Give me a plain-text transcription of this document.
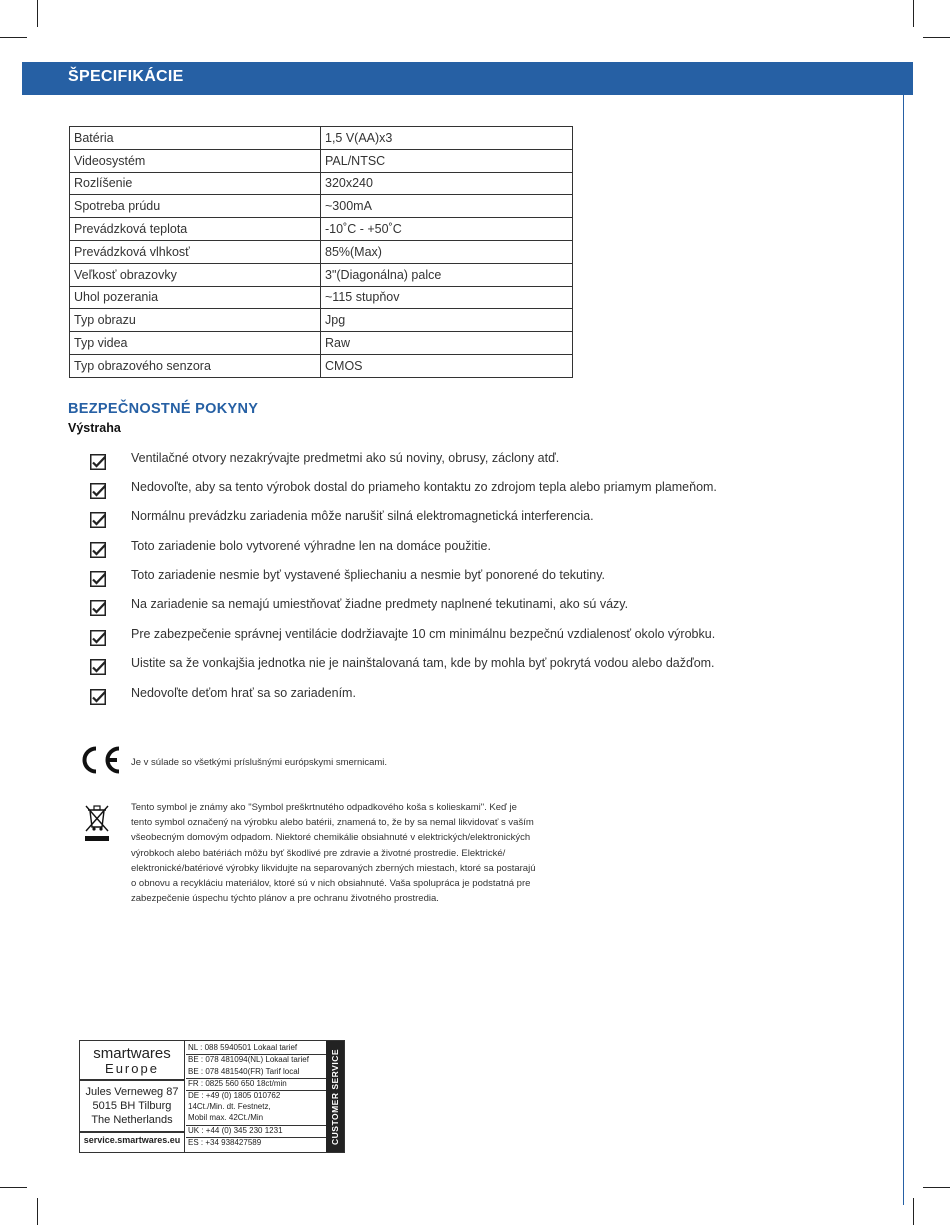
ŠPECIFIKÁCIE
Batéria	1,5 V(AA)x3
Videosystém	PAL/NTSC
Rozlíšenie	320x240
Spotreba prúdu	~300mA
Prevádzková teplota	-10˚C - +50˚C
Prevádzková vlhkosť	85%(Max)
Veľkosť obrazovky	3"(Diagonálna) palce
Uhol pozerania	~115 stupňov
Typ obrazu	Jpg
Typ videa	Raw
Typ obrazového senzora	CMOS
BEZPEČNOSTNÉ POKYNY
Výstraha
Ventilačné otvory nezakrývajte predmetmi ako sú noviny, obrusy, záclony atď.
Nedovoľte, aby sa tento výrobok dostal do priameho kontaktu zo zdrojom tepla alebo priamym plameňom.
Normálnu prevádzku zariadenia môže narušiť silná elektromagnetická interferencia.
Toto zariadenie bolo vytvorené výhradne len na domáce použitie.
Toto zariadenie nesmie byť vystavené špliechaniu a nesmie byť ponorené do tekutiny.
Na zariadenie sa nemajú umiestňovať žiadne predmety naplnené tekutinami, ako sú vázy.
Pre zabezpečenie správnej ventilácie dodržiavajte 10 cm minimálnu bezpečnú vzdialenosť okolo výrobku.
Uistite sa že vonkajšia jednotka nie je nainštalovaná tam, kde by mohla byť pokrytá vodou alebo dažďom.
Nedovoľte deťom hrať sa so zariadením.
Je v súlade so všetkými príslušnými európskymi smernicami.
Tento symbol je známy ako "Symbol preškrtnutého odpadkového koša s kolieskami". Keď je
tento symbol označený na výrobku alebo batérii, znamená to, že by sa nemal likvidovať s vaším
všeobecným domovým odpadom. Niektoré chemikálie obsiahnuté v elektrických/elektronických
výrobkoch alebo batériách môžu byť škodlivé pre zdravie a životné prostredie. Elektrické/
elektronické/batériové výrobky likvidujte na separovaných zberných miestach, ktoré sa postarajú
o obnovu a recykláciu materiálov, ktoré sú v nich obsiahnuté. Vaša spolupráca je podstatná pre
zabezpečenie úspechu týchto plánov a pre ochranu životného prostredia.
smartwares
Europe
Jules Verneweg 87
5015 BH Tilburg
The Netherlands
service.smartwares.eu
NL : 088 5940501 Lokaal tarief
BE : 078 481094(NL) Lokaal tarief
BE : 078 481540(FR) Tarif local
FR : 0825 560 650 18ct/min
DE : +49 (0) 1805 010762
14Ct./Min. dt. Festnetz,
Mobil max. 42Ct./Min
UK : +44 (0) 345 230 1231
ES : +34 938427589	CUSTOMER SERVICE
